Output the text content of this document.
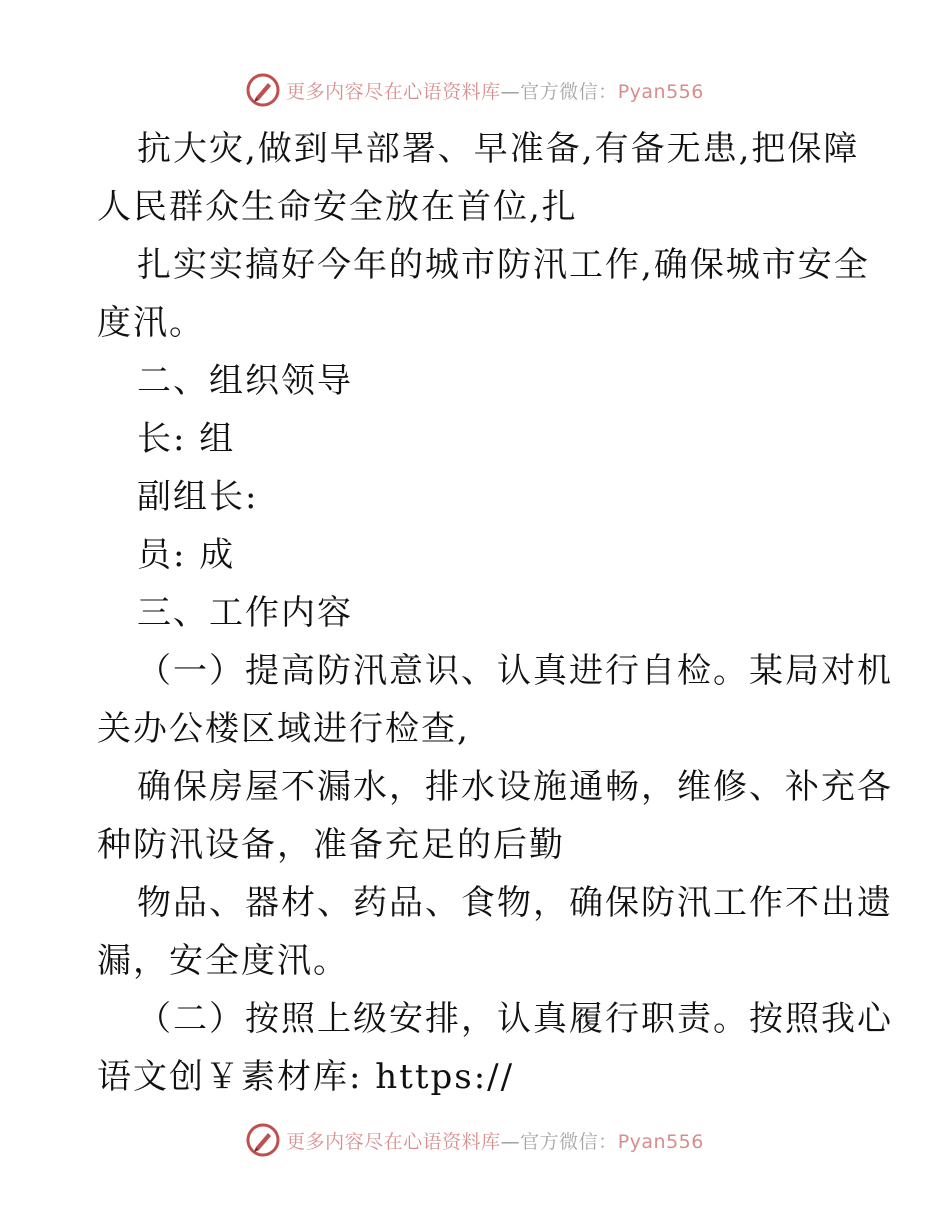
更多内容尽在心语资料库—官方微信：Pyan556
抗大灾,做到早部署、早准备,有备无患,把保障
人民群众生命安全放在首位,扎
扎实实搞好今年的城市防汛工作,确保城市安全
度汛。
二、组织领导
长: 组
副组长:
员: 成
三、工作内容
（一）提高防汛意识、认真进行自检。某局对机
关办公楼区域进行检查,
确保房屋不漏水，排水设施通畅，维修、补充各
种防汛设备，准备充足的后勤
物品、器材、药品、食物，确保防汛工作不出遗
漏，安全度汛。
（二）按照上级安排，认真履行职责。按照我心
语文创￥素材库: https://
更多内容尽在心语资料库—官方微信：Pyan556
